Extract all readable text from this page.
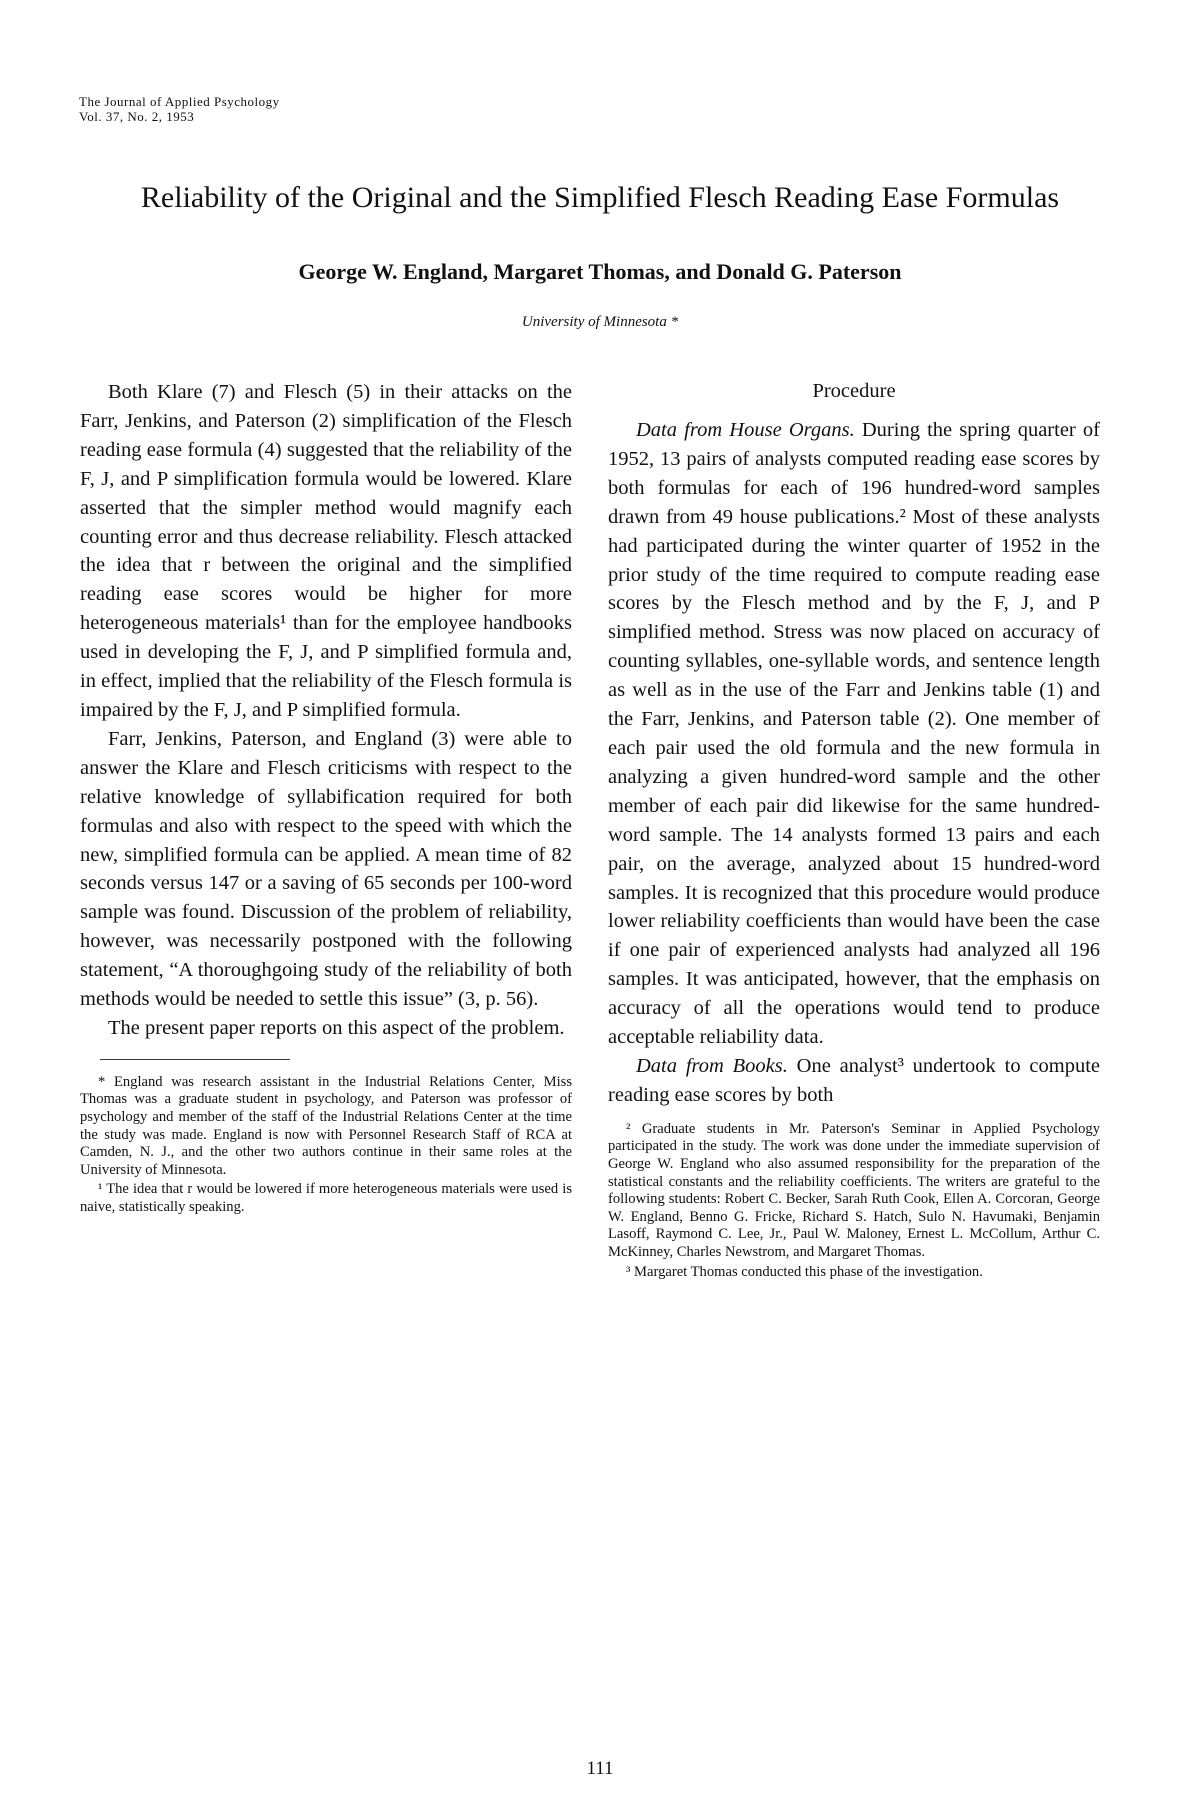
The Journal of Applied Psychology
Vol. 37, No. 2, 1953
Reliability of the Original and the Simplified Flesch Reading Ease Formulas
George W. England, Margaret Thomas, and Donald G. Paterson
University of Minnesota *

Both Klare (7) and Flesch (5) in their attacks on the Farr, Jenkins, and Paterson (2) simplification of the Flesch reading ease formula (4) suggested that the reliability of the F, J, and P simplification formula would be lowered. Klare asserted that the simpler method would magnify each counting error and thus decrease reliability. Flesch attacked the idea that r between the original and the simplified reading ease scores would be higher for more heterogeneous materials¹ than for the employee handbooks used in developing the F, J, and P simplified formula and, in effect, implied that the reliability of the Flesch formula is impaired by the F, J, and P simplified formula.

Farr, Jenkins, Paterson, and England (3) were able to answer the Klare and Flesch criticisms with respect to the relative knowledge of syllabification required for both formulas and also with respect to the speed with which the new, simplified formula can be applied. A mean time of 82 seconds versus 147 or a saving of 65 seconds per 100-word sample was found. Discussion of the problem of reliability, however, was necessarily postponed with the following statement, “A thoroughgoing study of the reliability of both methods would be needed to settle this issue” (3, p. 56).

The present paper reports on this aspect of the problem.

* England was research assistant in the Industrial Relations Center, Miss Thomas was a graduate student in psychology, and Paterson was professor of psychology and member of the staff of the Industrial Relations Center at the time the study was made. England is now with Personnel Research Staff of RCA at Camden, N. J., and the other two authors continue in their same roles at the University of Minnesota.

¹ The idea that r would be lowered if more heterogeneous materials were used is naive, statistically speaking.

Procedure

Data from House Organs. During the spring quarter of 1952, 13 pairs of analysts computed reading ease scores by both formulas for each of 196 hundred-word samples drawn from 49 house publications.² Most of these analysts had participated during the winter quarter of 1952 in the prior study of the time required to compute reading ease scores by the Flesch method and by the F, J, and P simplified method. Stress was now placed on accuracy of counting syllables, one-syllable words, and sentence length as well as in the use of the Farr and Jenkins table (1) and the Farr, Jenkins, and Paterson table (2). One member of each pair used the old formula and the new formula in analyzing a given hundred-word sample and the other member of each pair did likewise for the same hundred-word sample. The 14 analysts formed 13 pairs and each pair, on the average, analyzed about 15 hundred-word samples. It is recognized that this procedure would produce lower reliability coefficients than would have been the case if one pair of experienced analysts had analyzed all 196 samples. It was anticipated, however, that the emphasis on accuracy of all the operations would tend to produce acceptable reliability data.

Data from Books. One analyst³ undertook to compute reading ease scores by both

² Graduate students in Mr. Paterson's Seminar in Applied Psychology participated in the study. The work was done under the immediate supervision of George W. England who also assumed responsibility for the preparation of the statistical constants and the reliability coefficients. The writers are grateful to the following students: Robert C. Becker, Sarah Ruth Cook, Ellen A. Corcoran, George W. England, Benno G. Fricke, Richard S. Hatch, Sulo N. Havumaki, Benjamin Lasoff, Raymond C. Lee, Jr., Paul W. Maloney, Ernest L. McCollum, Arthur C. McKinney, Charles Newstrom, and Margaret Thomas.

³ Margaret Thomas conducted this phase of the investigation.

111
